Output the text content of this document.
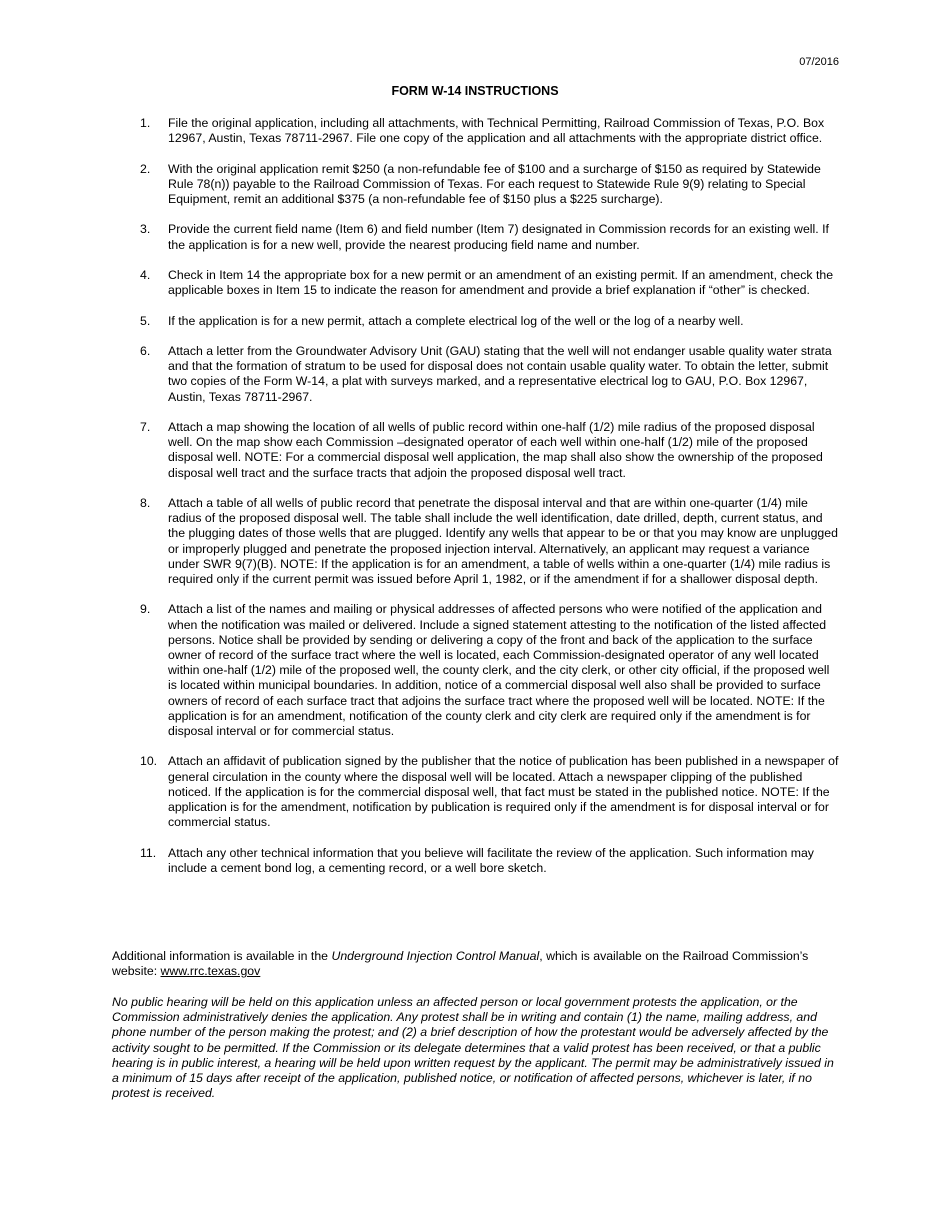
07/2016
FORM W-14 INSTRUCTIONS
1. File the original application, including all attachments, with Technical Permitting, Railroad Commission of Texas, P.O. Box 12967, Austin, Texas 78711-2967. File one copy of the application and all attachments with the appropriate district office.
2. With the original application remit $250 (a non-refundable fee of $100 and a surcharge of $150 as required by Statewide Rule 78(n)) payable to the Railroad Commission of Texas. For each request to Statewide Rule 9(9) relating to Special Equipment, remit an additional $375 (a non-refundable fee of $150 plus a $225 surcharge).
3. Provide the current field name (Item 6) and field number (Item 7) designated in Commission records for an existing well. If the application is for a new well, provide the nearest producing field name and number.
4. Check in Item 14 the appropriate box for a new permit or an amendment of an existing permit. If an amendment, check the applicable boxes in Item 15 to indicate the reason for amendment and provide a brief explanation if “other” is checked.
5. If the application is for a new permit, attach a complete electrical log of the well or the log of a nearby well.
6. Attach a letter from the Groundwater Advisory Unit (GAU) stating that the well will not endanger usable quality water strata and that the formation of stratum to be used for disposal does not contain usable quality water. To obtain the letter, submit two copies of the Form W-14, a plat with surveys marked, and a representative electrical log to GAU, P.O. Box 12967, Austin, Texas 78711-2967.
7. Attach a map showing the location of all wells of public record within one-half (1/2) mile radius of the proposed disposal well. On the map show each Commission –designated operator of each well within one-half (1/2) mile of the proposed disposal well. NOTE: For a commercial disposal well application, the map shall also show the ownership of the proposed disposal well tract and the surface tracts that adjoin the proposed disposal well tract.
8. Attach a table of all wells of public record that penetrate the disposal interval and that are within one-quarter (1/4) mile radius of the proposed disposal well. The table shall include the well identification, date drilled, depth, current status, and the plugging dates of those wells that are plugged. Identify any wells that appear to be or that you may know are unplugged or improperly plugged and penetrate the proposed injection interval. Alternatively, an applicant may request a variance under SWR 9(7)(B). NOTE: If the application is for an amendment, a table of wells within a one-quarter (1/4) mile radius is required only if the current permit was issued before April 1, 1982, or if the amendment if for a shallower disposal depth.
9. Attach a list of the names and mailing or physical addresses of affected persons who were notified of the application and when the notification was mailed or delivered. Include a signed statement attesting to the notification of the listed affected persons. Notice shall be provided by sending or delivering a copy of the front and back of the application to the surface owner of record of the surface tract where the well is located, each Commission-designated operator of any well located within one-half (1/2) mile of the proposed well, the county clerk, and the city clerk, or other city official, if the proposed well is located within municipal boundaries. In addition, notice of a commercial disposal well also shall be provided to surface owners of record of each surface tract that adjoins the surface tract where the proposed well will be located. NOTE: If the application is for an amendment, notification of the county clerk and city clerk are required only if the amendment is for disposal interval or for commercial status.
10. Attach an affidavit of publication signed by the publisher that the notice of publication has been published in a newspaper of general circulation in the county where the disposal well will be located. Attach a newspaper clipping of the published noticed. If the application is for the commercial disposal well, that fact must be stated in the published notice. NOTE: If the application is for the amendment, notification by publication is required only if the amendment is for disposal interval or for commercial status.
11. Attach any other technical information that you believe will facilitate the review of the application. Such information may include a cement bond log, a cementing record, or a well bore sketch.

Additional information is available in the Underground Injection Control Manual, which is available on the Railroad Commission’s website: www.rrc.texas.gov

No public hearing will be held on this application unless an affected person or local government protests the application, or the Commission administratively denies the application. Any protest shall be in writing and contain (1) the name, mailing address, and phone number of the person making the protest; and (2) a brief description of how the protestant would be adversely affected by the activity sought to be permitted. If the Commission or its delegate determines that a valid protest has been received, or that a public hearing is in public interest, a hearing will be held upon written request by the applicant. The permit may be administratively issued in a minimum of 15 days after receipt of the application, published notice, or notification of affected persons, whichever is later, if no protest is received.
